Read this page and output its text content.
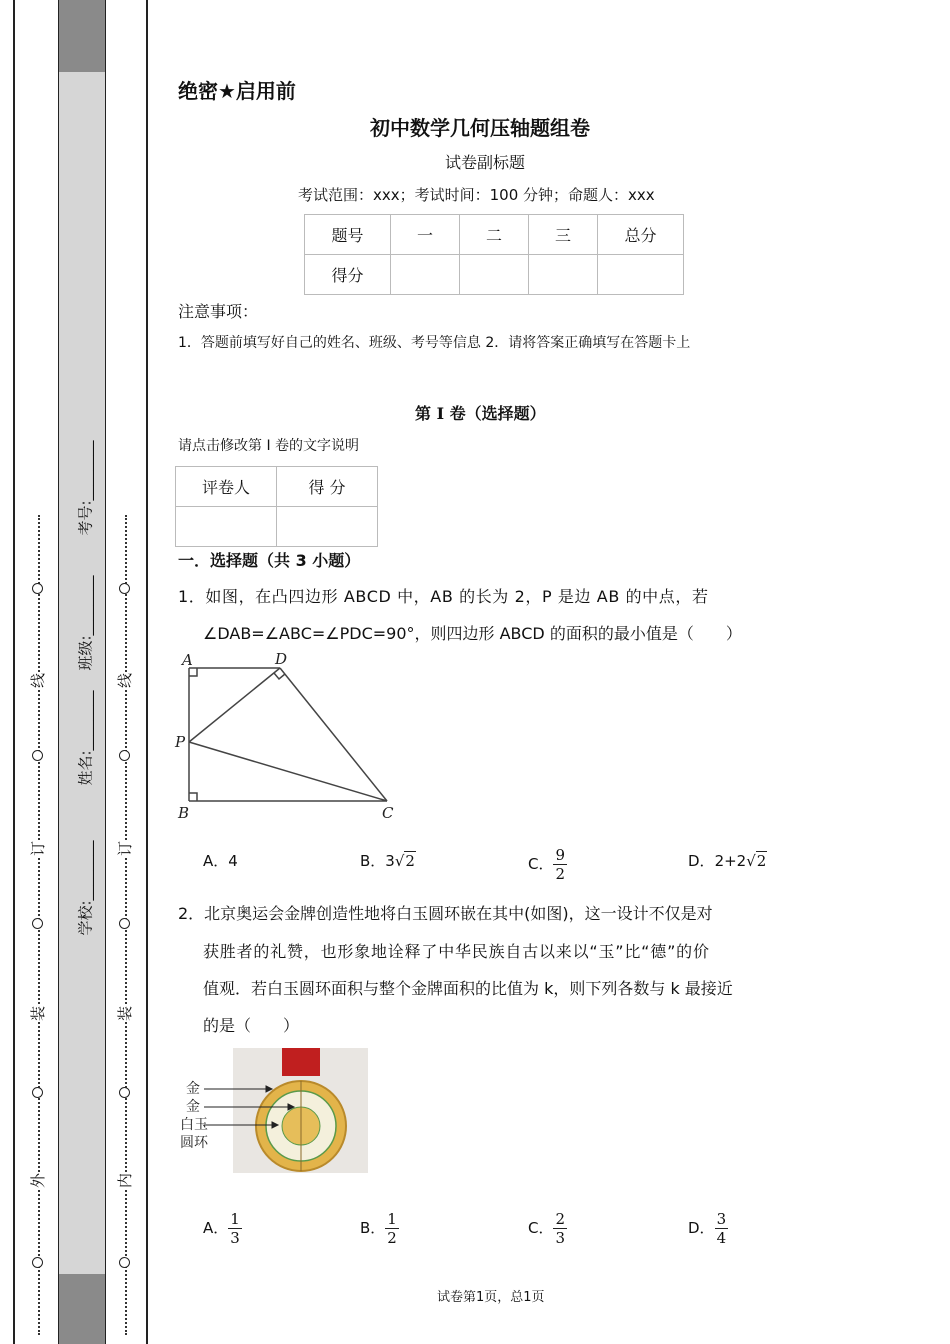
线
订
装
外
线
订
装
内
学校:________
姓名:________
班级:________
考号:________
绝密★启用前
初中数学几何压轴题组卷
试卷副标题
考试范围：xxx；考试时间：100 分钟；命题人：xxx
题号	一	二	三	总分
得分				
注意事项：
1．答题前填写好自己的姓名、班级、考号等信息 2．请将答案正确填写在答题卡上
第 I 卷（选择题）
请点击修改第 I 卷的文字说明
评卷人	得 分

一．选择题（共 3 小题）
1．如图，在凸四边形 ABCD 中，AB 的长为 2，P 是边 AB 的中点，若
∠DAB=∠ABC=∠PDC=90°，则四边形 ABCD 的面积的最小值是（　　）
A	D
P
B	C
A．4	B．3√2	C． $\frac{9}{2}$	D．2+2√2
2．北京奥运会金牌创造性地将白玉圆环嵌在其中(如图)，这一设计不仅是对
获胜者的礼赞，也形象地诠释了中华民族自古以来以“玉”比“德”的价
值观．若白玉圆环面积与整个金牌面积的比值为 k，则下列各数与 k 最接近
的是（　　）
金
金
白玉
圆环
A． $\frac{1}{3}$	B． $\frac{1}{2}$	C． $\frac{2}{3}$	D． $\frac{3}{4}$
试卷第1页，总1页
